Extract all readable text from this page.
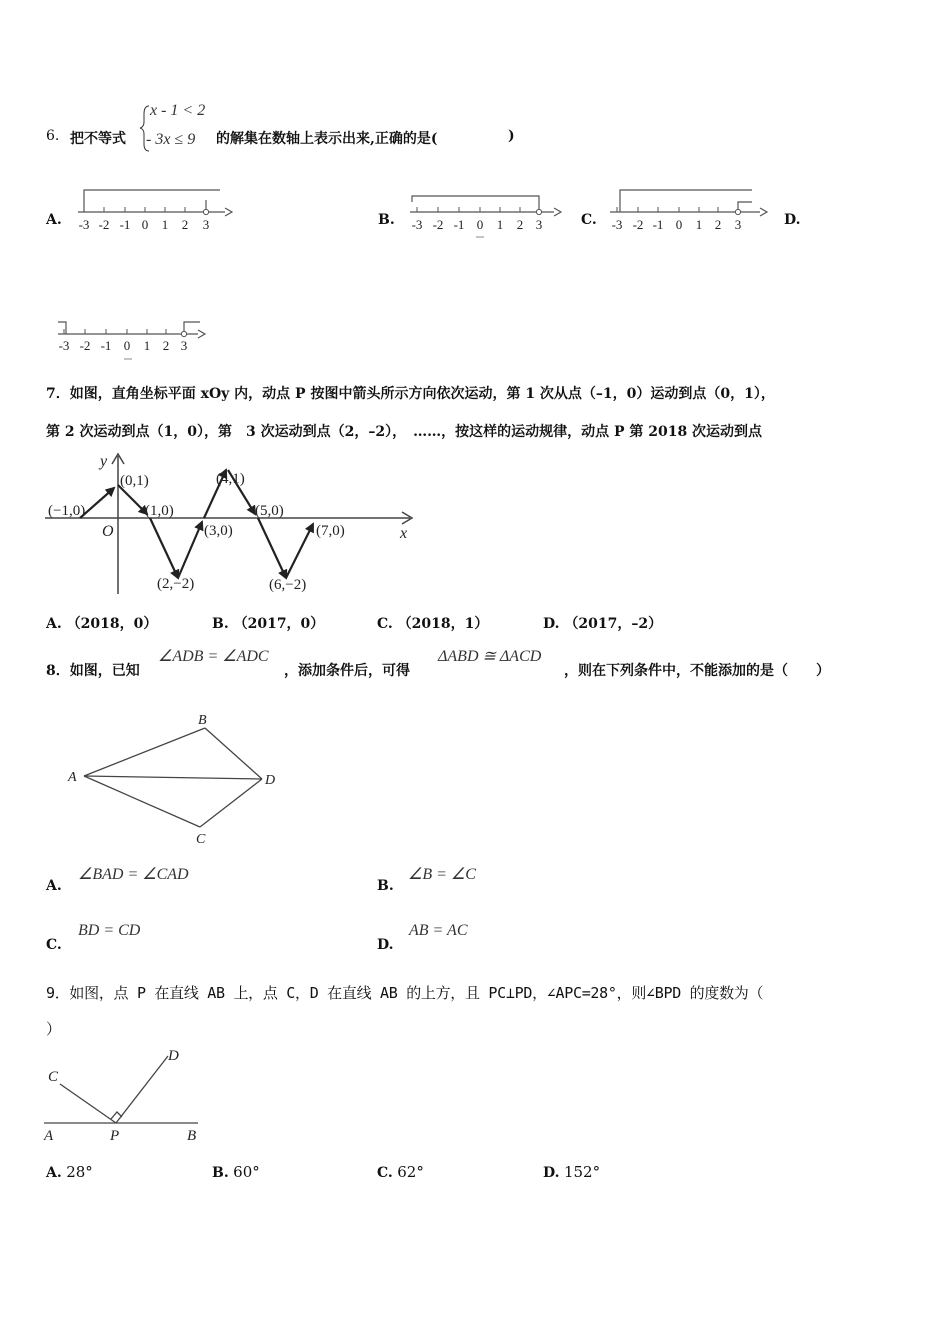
6. 把不等式
x - 1 < 2
- 3x ≤ 9 的解集在数轴上表示出来,正确的是(	)
A. -3 -2 -1 0 1 2 3	B. -3 -2 -1 0 1 2 3	C. -3 -2 -1 0 1 2 3	D.
-3 -2 -1 0 1 2 3
7．如图，直角坐标平面 xOy 内，动点 P 按图中箭头所示方向依次运动，第 1 次从点（–1，0）运动到点（0，1），
第 2 次运动到点（1，0），第　3 次运动到点（2，–2），　……，按这样的运动规律，动点 P 第 2018 次运动到点
y
x
O
(−1,0)
(0,1)
(1,0)
(2,−2)
(3,0)
(4,1)
(5,0)
(6,−2)
(7,0)
A. （2018，0）	B. （2017，0）	C. （2018，1）	D. （2017，–2）
8．如图，已知
∠ADB = ∠ADC
，添加条件后，可得
ΔABD ≅ ΔACD
，则在下列条件中，不能添加的是（　　）
A
B
C
D
A.
∠BAD = ∠CAD
B.
∠B = ∠C
C.
BD = CD
D.
AB = AC
9．如图，点 P 在直线 AB 上，点 C，D 在直线 AB 的上方，且 PC⊥PD，∠APC=28°，则∠BPD 的度数为（
）
C
D
A	P	B
A. 28°	B. 60°	C. 62°	D. 152°
